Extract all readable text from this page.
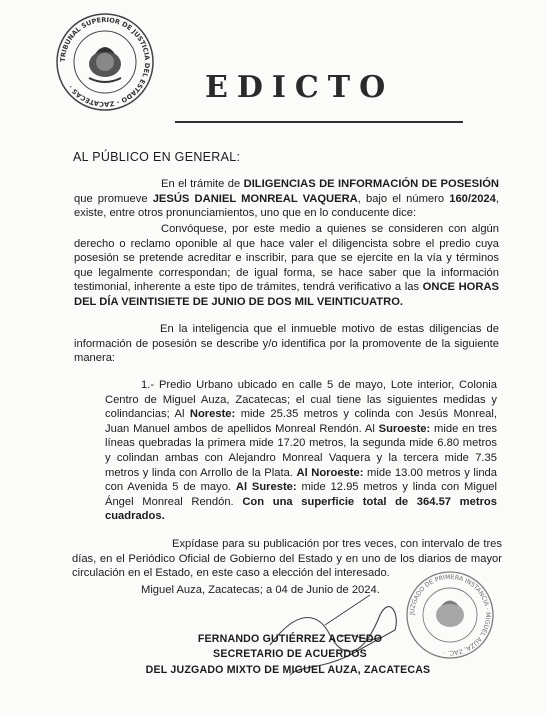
TRIBUNAL SUPERIOR DE JUSTICIA DEL ESTADO · ZACATECAS ·	EDICTO
AL PÚBLICO EN GENERAL:

En el trámite de DILIGENCIAS DE INFORMACIÓN DE POSESIÓN que promueve JESÚS DANIEL MONREAL VAQUERA, bajo el número 160/2024, existe, entre otros pronunciamientos, uno que en lo conducente dice:

Convóquese, por este medio a quienes se consideren con algún derecho o reclamo oponible al que hace valer el diligencista sobre el predio cuya posesión se pretende acreditar e inscribir, para que se ejercite en la vía y términos que legalmente correspondan; de igual forma, se hace saber que la información testimonial, inherente a este tipo de trámites, tendrá verificativo a las ONCE HORAS DEL DÍA VEINTISIETE DE JUNIO DE DOS MIL VEINTICUATRO.

En la inteligencia que el inmueble motivo de estas diligencias de información de posesión se describe y/o identifica por la promovente de la siguiente manera:

1.- Predio Urbano ubicado en calle 5 de mayo, Lote interior, Colonia Centro de Miguel Auza, Zacatecas; el cual tiene las siguientes medidas y colindancias; Al Noreste: mide 25.35 metros y colinda con Jesús Monreal, Juan Manuel ambos de apellidos Monreal Rendón. Al Suroeste: mide en tres líneas quebradas la primera mide 17.20 metros, la segunda mide 6.80 metros y colindan ambas con Alejandro Monreal Vaquera y la tercera mide 7.35 metros y linda con Arrollo de la Plata. Al Noroeste: mide 13.00 metros y linda con Avenida 5 de mayo. Al Sureste: mide 12.95 metros y linda con Miguel Ángel Monreal Rendón. Con una superficie total de 364.57 metros cuadrados.

Expídase para su publicación por tres veces, con intervalo de tres días, en el Periódico Oficial de Gobierno del Estado y en uno de los diarios de mayor circulación en el Estado, en este caso a elección del interesado.

Miguel Auza, Zacatecas; a 04 de Junio de 2024.
JUZGADO DE PRIMERA INSTANCIA · MIGUEL AUZA, ZAC. ·
FERNANDO GUTIÉRREZ ACEVEDO
SECRETARIO DE ACUERDOS
DEL JUZGADO MIXTO DE MIGUEL AUZA, ZACATECAS
